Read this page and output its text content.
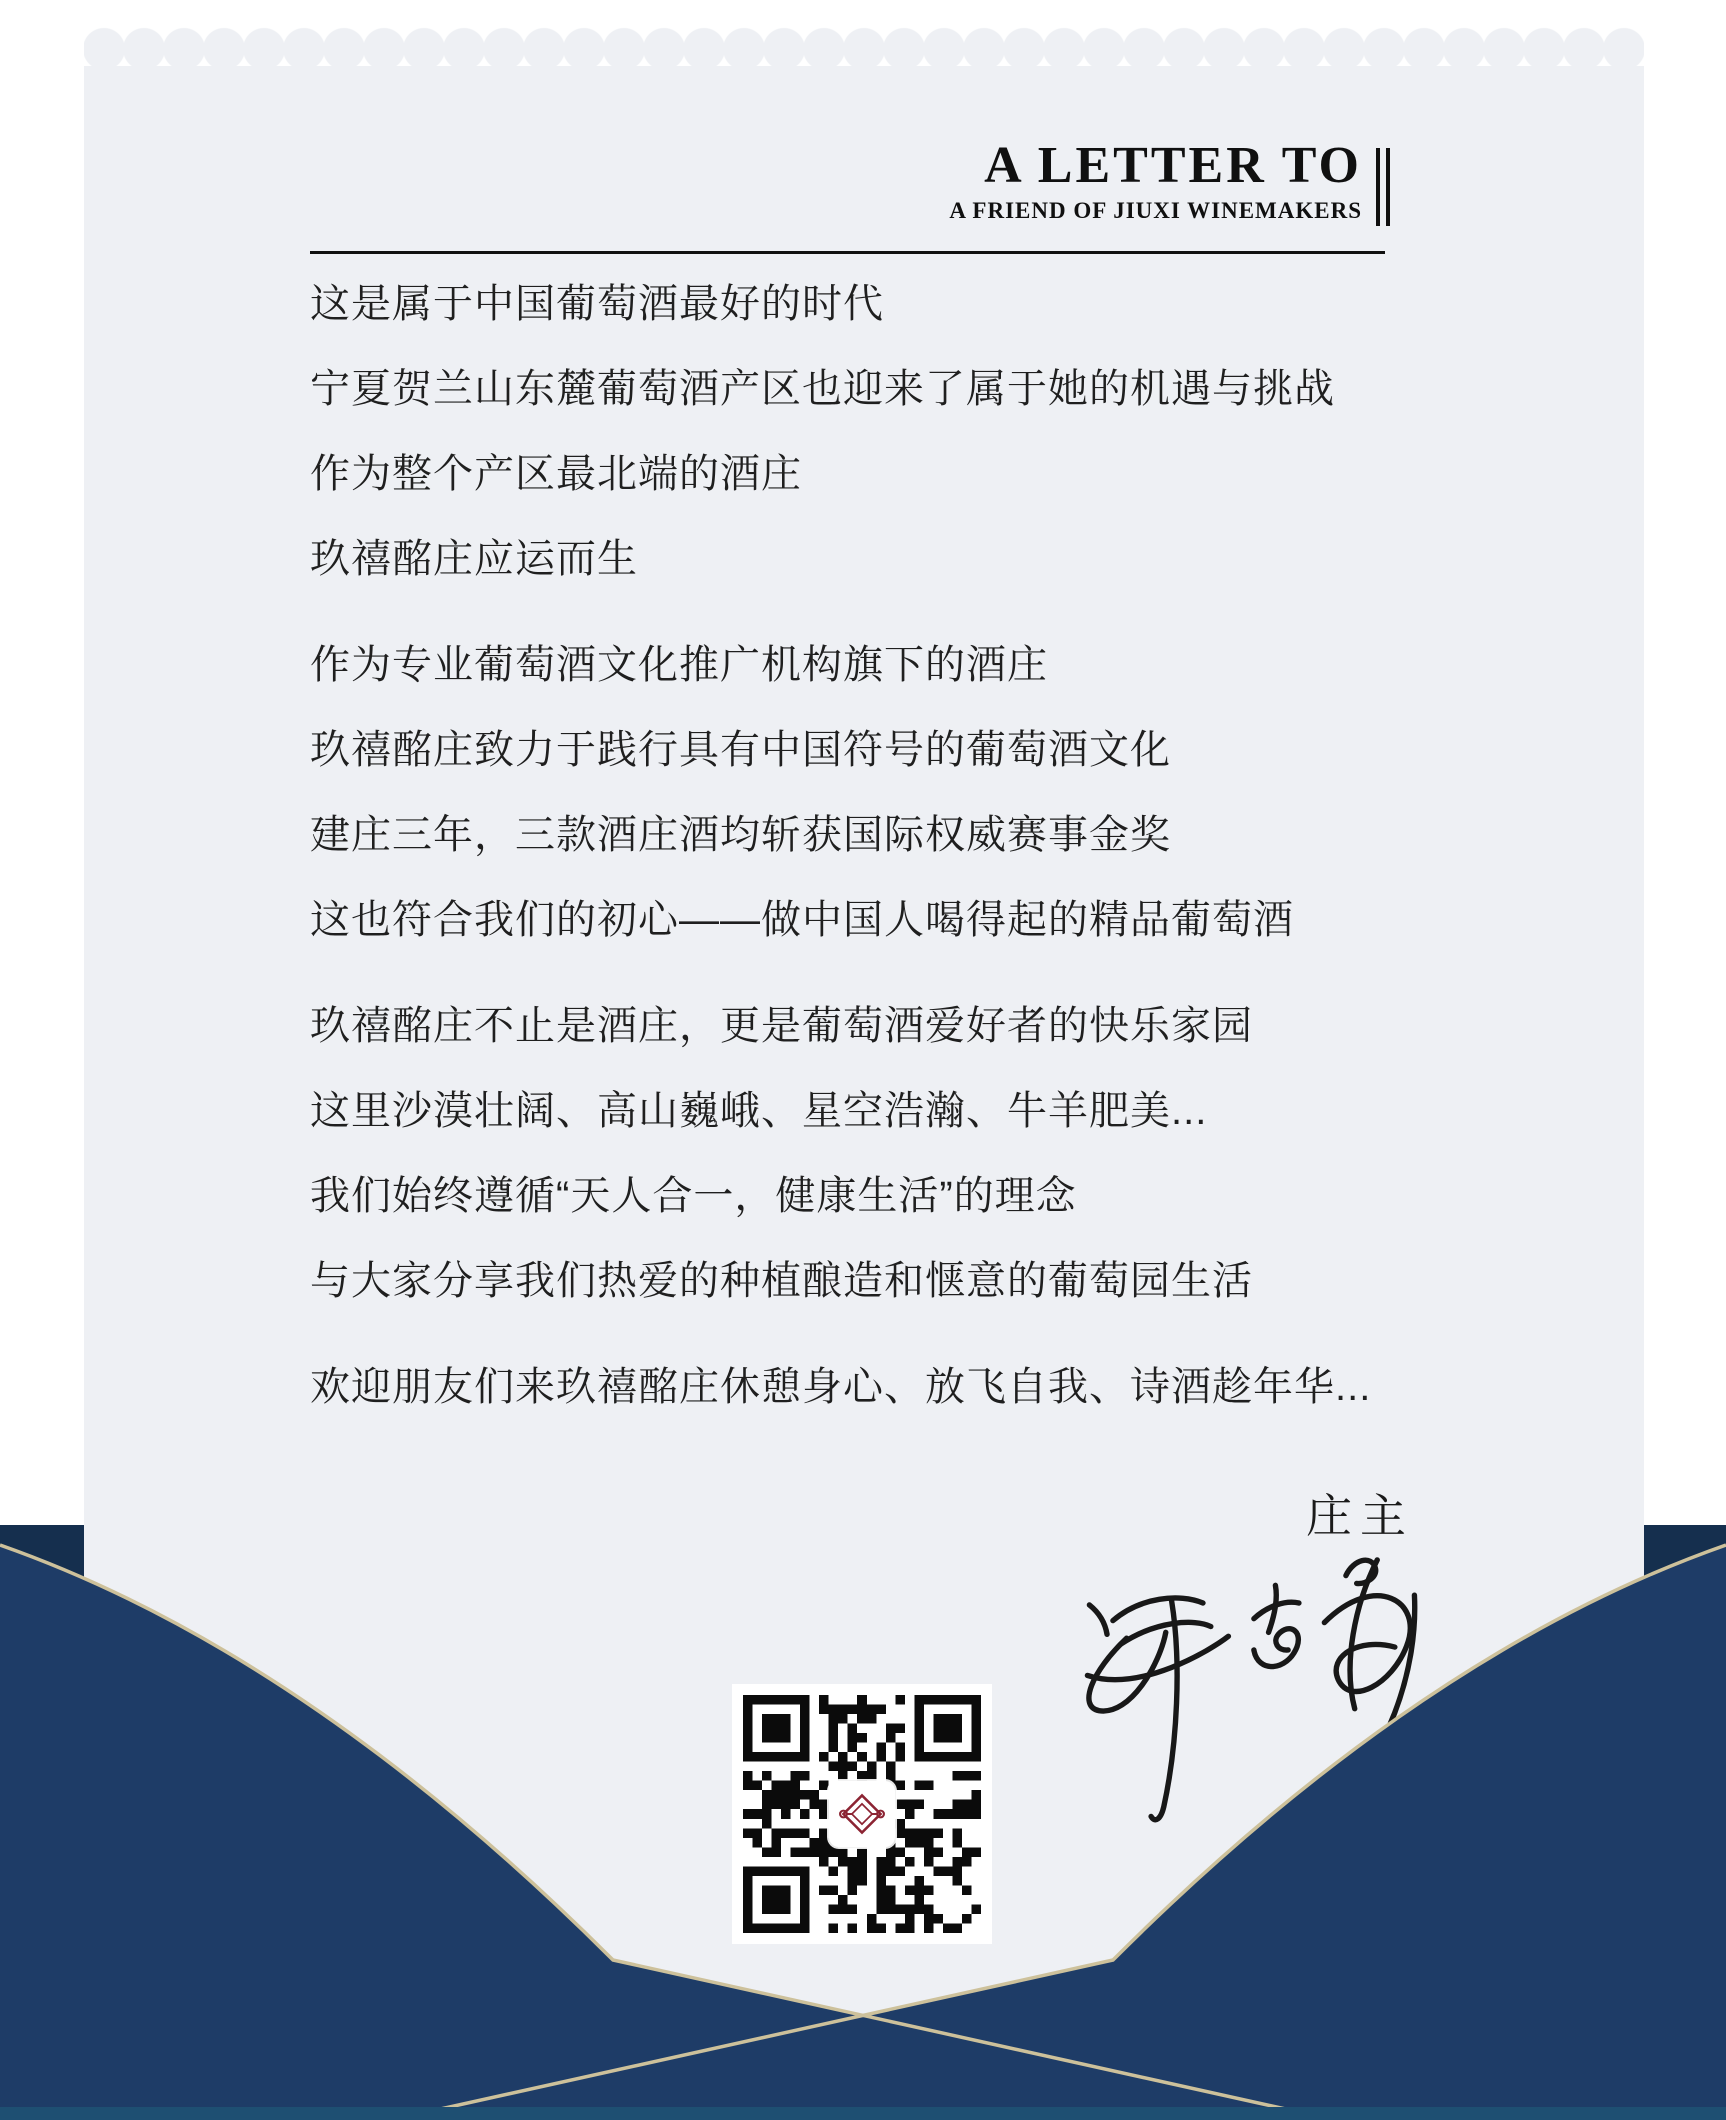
A LETTER TO
A FRIEND OF JIUXI WINEMAKERS
这是属于中国葡萄酒最好的时代
宁夏贺兰山东麓葡萄酒产区也迎来了属于她的机遇与挑战
作为整个产区最北端的酒庄
玖禧酩庄应运而生
作为专业葡萄酒文化推广机构旗下的酒庄
玖禧酩庄致力于践行具有中国符号的葡萄酒文化
建庄三年，三款酒庄酒均斩获国际权威赛事金奖
这也符合我们的初心——做中国人喝得起的精品葡萄酒
玖禧酩庄不止是酒庄，更是葡萄酒爱好者的快乐家园
这里沙漠壮阔、高山巍峨、星空浩瀚、牛羊肥美...
我们始终遵循“天人合一，健康生活”的理念
与大家分享我们热爱的种植酿造和惬意的葡萄园生活
欢迎朋友们来玖禧酩庄休憩身心、放飞自我、诗酒趁年华...
庄主
